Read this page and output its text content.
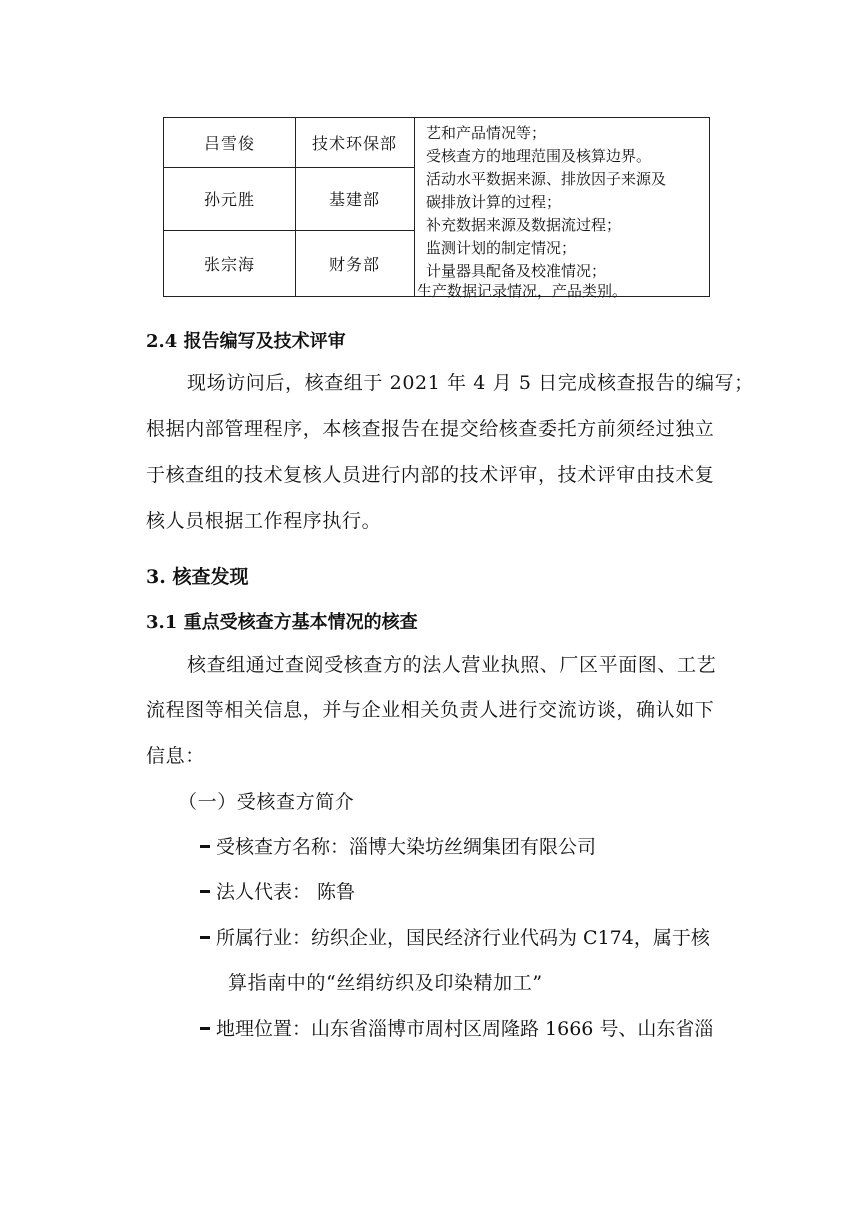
吕雪俊	技术环保部
孙元胜	基建部
张宗海	财务部
艺和产品情况等；
受核查方的地理范围及核算边界。
活动水平数据来源、排放因子来源及
碳排放计算的过程；
补充数据来源及数据流过程；
监测计划的制定情况；
计量器具配备及校准情况；
生产数据记录情况，产品类别。
2.4 报告编写及技术评审
现场访问后，核查组于 2021 年 4 月 5 日完成核查报告的编写；
根据内部管理程序，本核查报告在提交给核查委托方前须经过独立
于核查组的技术复核人员进行内部的技术评审，技术评审由技术复
核人员根据工作程序执行。
3. 核查发现
3.1 重点受核查方基本情况的核查
核查组通过查阅受核查方的法人营业执照、厂区平面图、工艺
流程图等相关信息，并与企业相关负责人进行交流访谈，确认如下
信息：
（一）受核查方简介
受核查方名称：淄博大染坊丝绸集团有限公司
法人代表： 陈鲁
所属行业：纺织企业，国民经济行业代码为 C174，属于核
算指南中的“丝绢纺织及印染精加工”
地理位置：山东省淄博市周村区周隆路 1666 号、山东省淄
